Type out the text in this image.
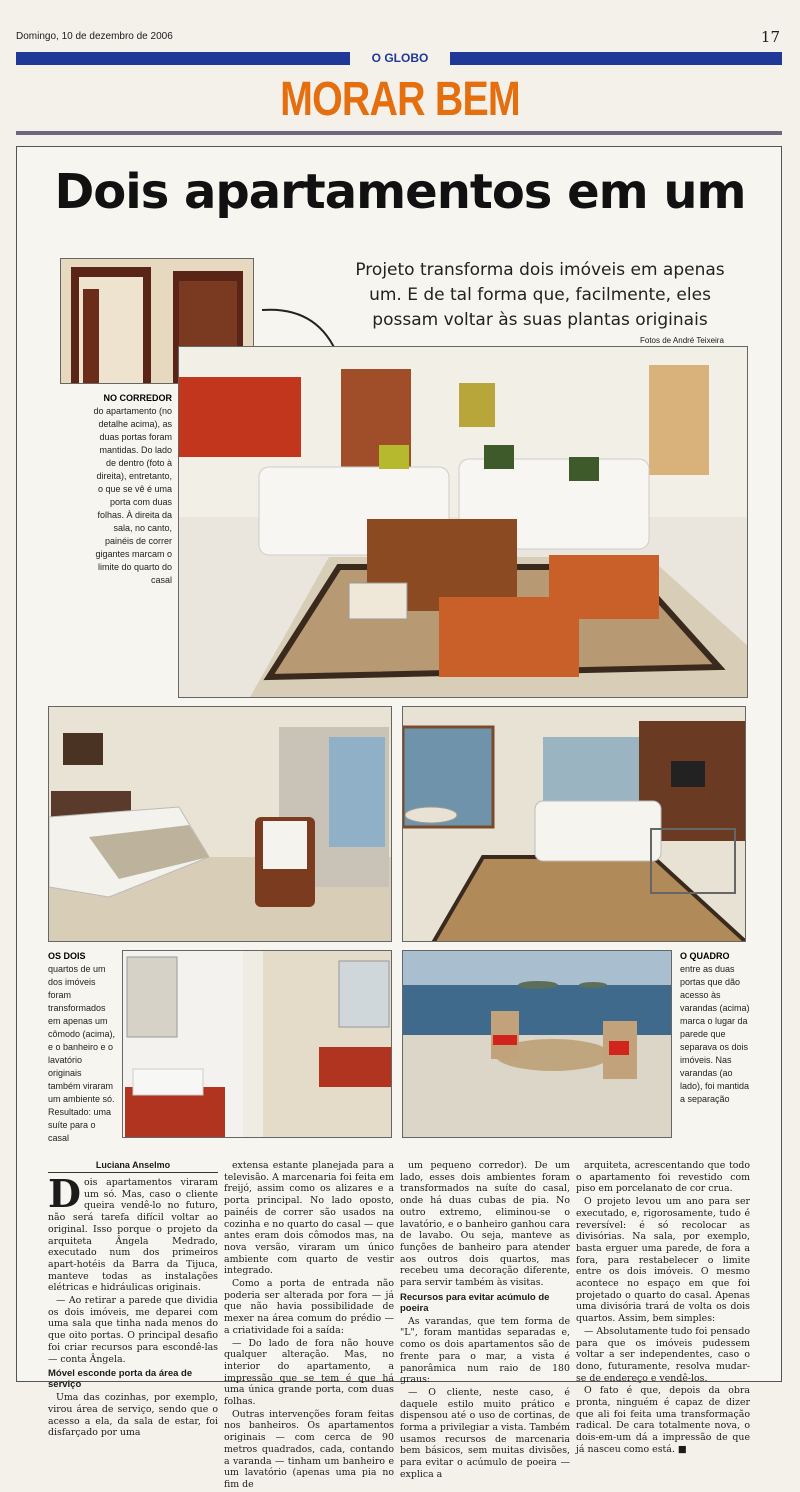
Domingo, 10 de dezembro de 2006	17
O GLOBO
MORAR BEM
Dois apartamentos em um
Projeto transforma dois imóveis em apenas um. E de tal forma que, facilmente, eles possam voltar às suas plantas originais
Fotos de André Teixeira
NO CORREDOR
do apartamento (no detalhe acima), as duas portas foram mantidas. Do lado de dentro (foto à direita), entretanto, o que se vê é uma porta com duas folhas. À direita da sala, no canto, painéis de correr gigantes marcam o limite do quarto do casal
OS DOIS
quartos de um dos imóveis foram transformados em apenas um cômodo (acima), e o banheiro e o lavatório originais também viraram um ambiente só. Resultado: uma suíte para o casal
O QUADRO
entre as duas portas que dão acesso às varandas (acima) marca o lugar da parede que separava os dois imóveis. Nas varandas (ao lado), foi mantida a separação
Luciana Anselmo

Dois apartamentos viraram um só. Mas, caso o cliente queira vendê-lo no futuro, não será tarefa difícil voltar ao original. Isso porque o projeto da arquiteta Ângela Medrado, executado num dos primeiros apart-hotéis da Barra da Tijuca, manteve todas as instalações elétricas e hidráulicas originais.

— Ao retirar a parede que dividia os dois imóveis, me deparei com uma sala que tinha nada menos do que oito portas. O principal desafio foi criar recursos para escondê-las — conta Ângela.

Móvel esconde porta da área de serviço

Uma das cozinhas, por exemplo, virou área de serviço, sendo que o acesso a ela, da sala de estar, foi disfarçado por uma

extensa estante planejada para a televisão. A marcenaria foi feita em freijó, assim como os alizares e a porta principal. No lado oposto, painéis de correr são usados na cozinha e no quarto do casal — que antes eram dois cômodos mas, na nova versão, viraram um único ambiente com quarto de vestir integrado.

Como a porta de entrada não poderia ser alterada por fora — já que não havia possibilidade de mexer na área comum do prédio — a criatividade foi a saída:

— Do lado de fora não houve qualquer alteração. Mas, no interior do apartamento, a impressão que se tem é que há uma única grande porta, com duas folhas.

Outras intervenções foram feitas nos banheiros. Os apartamentos originais — com cerca de 90 metros quadrados, cada, contando a varanda — tinham um banheiro e um lavatório (apenas uma pia no fim de

um pequeno corredor). De um lado, esses dois ambientes foram transformados na suíte do casal, onde há duas cubas de pia. No outro extremo, eliminou-se o lavatório, e o banheiro ganhou cara de lavabo. Ou seja, manteve as funções de banheiro para atender aos outros dois quartos, mas recebeu uma decoração diferente, para servir também às visitas.

Recursos para evitar acúmulo de poeira

As varandas, que tem forma de "L", foram mantidas separadas e, como os dois apartamentos são de frente para o mar, a vista é panorâmica num raio de 180 graus:

— O cliente, neste caso, é daquele estilo muito prático e dispensou até o uso de cortinas, de forma a privilegiar a vista. Também usamos recursos de marcenaria bem básicos, sem muitas divisões, para evitar o acúmulo de poeira — explica a

arquiteta, acrescentando que todo o apartamento foi revestido com piso em porcelanato de cor crua.

O projeto levou um ano para ser executado, e, rigorosamente, tudo é reversível: é só recolocar as divisórias. Na sala, por exemplo, basta erguer uma parede, de fora a fora, para restabelecer o limite entre os dois imóveis. O mesmo acontece no espaço em que foi projetado o quarto do casal. Apenas uma divisória trará de volta os dois quartos. Assim, bem simples:

— Absolutamente tudo foi pensado para que os imóveis pudessem voltar a ser independentes, caso o dono, futuramente, resolva mudar-se de endereço e vendê-los.

O fato é que, depois da obra pronta, ninguém é capaz de dizer que ali foi feita uma transformação radical. De cara totalmente nova, o dois-em-um dá a impressão de que já nasceu como está. ■
